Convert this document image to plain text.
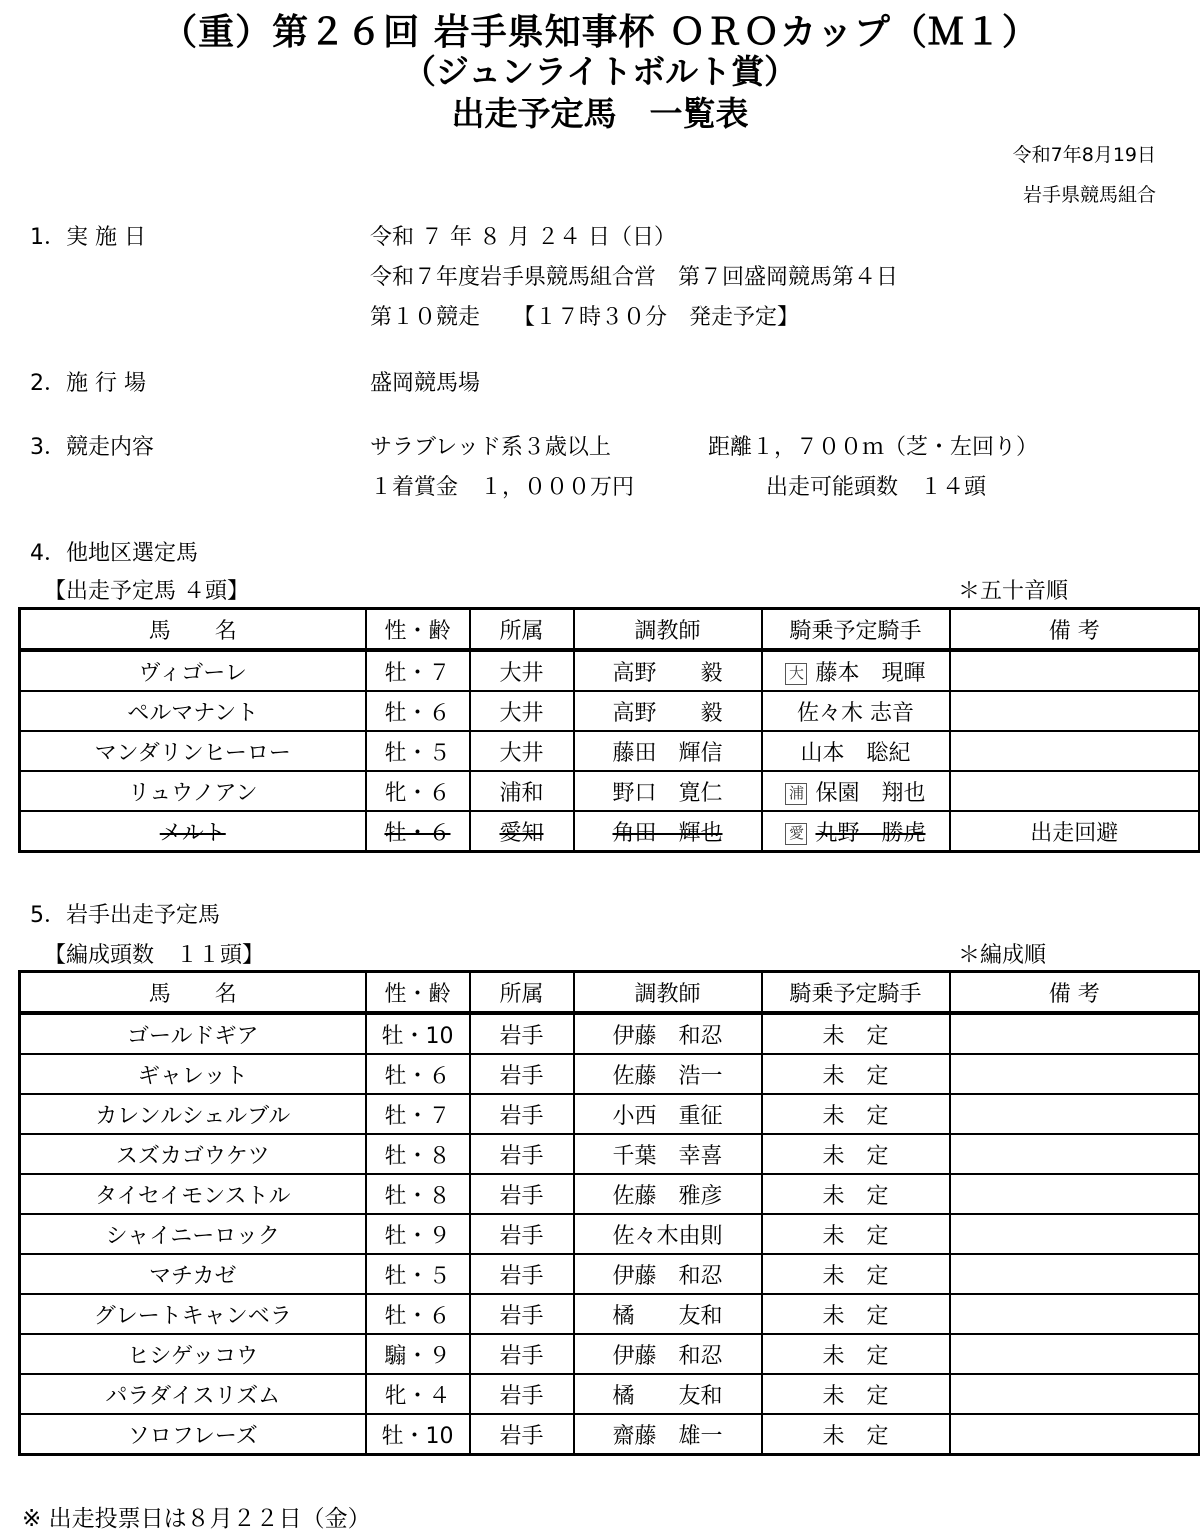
（重）第２６回 岩手県知事杯 ＯＲＯカップ（Ｍ１）
（ジュンライトボルト賞）
出走予定馬　一覧表
令和7年8月19日
岩手県競馬組合
1．実 施 日	令和 ７ 年 ８ 月 ２４ 日（日）
令和７年度岩手県競馬組合営　第７回盛岡競馬第４日
第１０競走　　【１７時３０分　発走予定】
2．施 行 場	盛岡競馬場
3．競走内容	サラブレッド系３歳以上	距離１，７００ｍ（芝・左回り）
１着賞金　１，０００万円	出走可能頭数　１４頭
4．他地区選定馬
【出走予定馬 ４頭】	＊五十音順
馬　　名	性・齢	所属	調教師	騎乗予定騎手	備 考
ヴィゴーレ	牡・７	大井	高野　　毅	大 藤本　現暉	
ペルマナント	牡・６	大井	高野　　毅	佐々木 志音	
マンダリンヒーロー	牡・５	大井	藤田　輝信	山本　聡紀	
リュウノアン	牝・６	浦和	野口　寛仁	浦 保園　翔也	
メルト	牡・６	愛知	角田　輝也	愛 丸野　勝虎	出走回避
5．岩手出走予定馬
【編成頭数　１１頭】	＊編成順
馬　　名	性・齢	所属	調教師	騎乗予定騎手	備 考
ゴールドギア	牡・10	岩手	伊藤　和忍	未　定	
ギャレット	牡・６	岩手	佐藤　浩一	未　定	
カレンルシェルブル	牡・７	岩手	小西　重征	未　定	
スズカゴウケツ	牡・８	岩手	千葉　幸喜	未　定	
タイセイモンストル	牡・８	岩手	佐藤　雅彦	未　定	
シャイニーロック	牡・９	岩手	佐々木由則	未　定	
マチカゼ	牡・５	岩手	伊藤　和忍	未　定	
グレートキャンベラ	牡・６	岩手	橘　　友和	未　定	
ヒシゲッコウ	騸・９	岩手	伊藤　和忍	未　定	
パラダイスリズム	牝・４	岩手	橘　　友和	未　定	
ソロフレーズ	牡・10	岩手	齋藤　雄一	未　定	
※ 出走投票日は８月２２日（金）
